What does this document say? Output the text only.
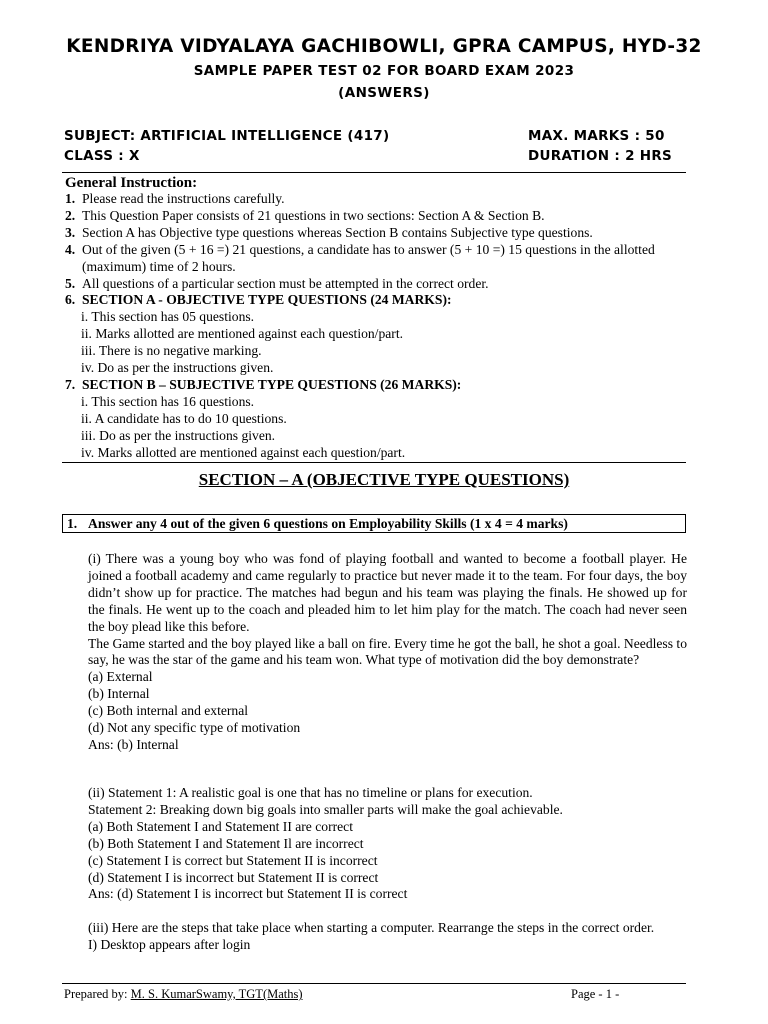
KENDRIYA VIDYALAYA GACHIBOWLI, GPRA CAMPUS, HYD-32
SAMPLE PAPER TEST 02 FOR BOARD EXAM 2023
(ANSWERS)
SUBJECT: ARTIFICIAL INTELLIGENCE (417)	MAX. MARKS : 50
CLASS : X	DURATION : 2 HRS
General Instruction:
1. Please read the instructions carefully.
2. This Question Paper consists of 21 questions in two sections: Section A & Section B.
3. Section A has Objective type questions whereas Section B contains Subjective type questions.
4. Out of the given (5 + 16 =) 21 questions, a candidate has to answer (5 + 10 =) 15 questions in the allotted (maximum) time of 2 hours.
5. All questions of a particular section must be attempted in the correct order.
6. SECTION A - OBJECTIVE TYPE QUESTIONS (24 MARKS):
i. This section has 05 questions.
ii. Marks allotted are mentioned against each question/part.
iii. There is no negative marking.
iv. Do as per the instructions given.
7. SECTION B – SUBJECTIVE TYPE QUESTIONS (26 MARKS):
i. This section has 16 questions.
ii. A candidate has to do 10 questions.
iii. Do as per the instructions given.
iv. Marks allotted are mentioned against each question/part.
SECTION – A (OBJECTIVE TYPE QUESTIONS)
1. Answer any 4 out of the given 6 questions on Employability Skills (1 x 4 = 4 marks)

(i) There was a young boy who was fond of playing football and wanted to become a football player. He joined a football academy and came regularly to practice but never made it to the team. For four days, the boy didn’t show up for practice. The matches had begun and his team was playing the finals. He showed up for the finals. He went up to the coach and pleaded him to let him play for the match. The coach had never seen the boy plead like this before.

The Game started and the boy played like a ball on fire. Every time he got the ball, he shot a goal. Needless to say, he was the star of the game and his team won. What type of motivation did the boy demonstrate?

(a) External

(b) Internal

(c) Both internal and external

(d) Not any specific type of motivation

Ans: (b) Internal

(ii) Statement 1: A realistic goal is one that has no timeline or plans for execution.

Statement 2: Breaking down big goals into smaller parts will make the goal achievable.

(a) Both Statement I and Statement II are correct

(b) Both Statement I and Statement Il are incorrect

(c) Statement I is correct but Statement II is incorrect

(d) Statement I is incorrect but Statement II is correct

Ans: (d) Statement I is incorrect but Statement II is correct

(iii) Here are the steps that take place when starting a computer. Rearrange the steps in the correct order.

I) Desktop appears after login

Prepared by: M. S. KumarSwamy, TGT(Maths)	Page - 1 -
